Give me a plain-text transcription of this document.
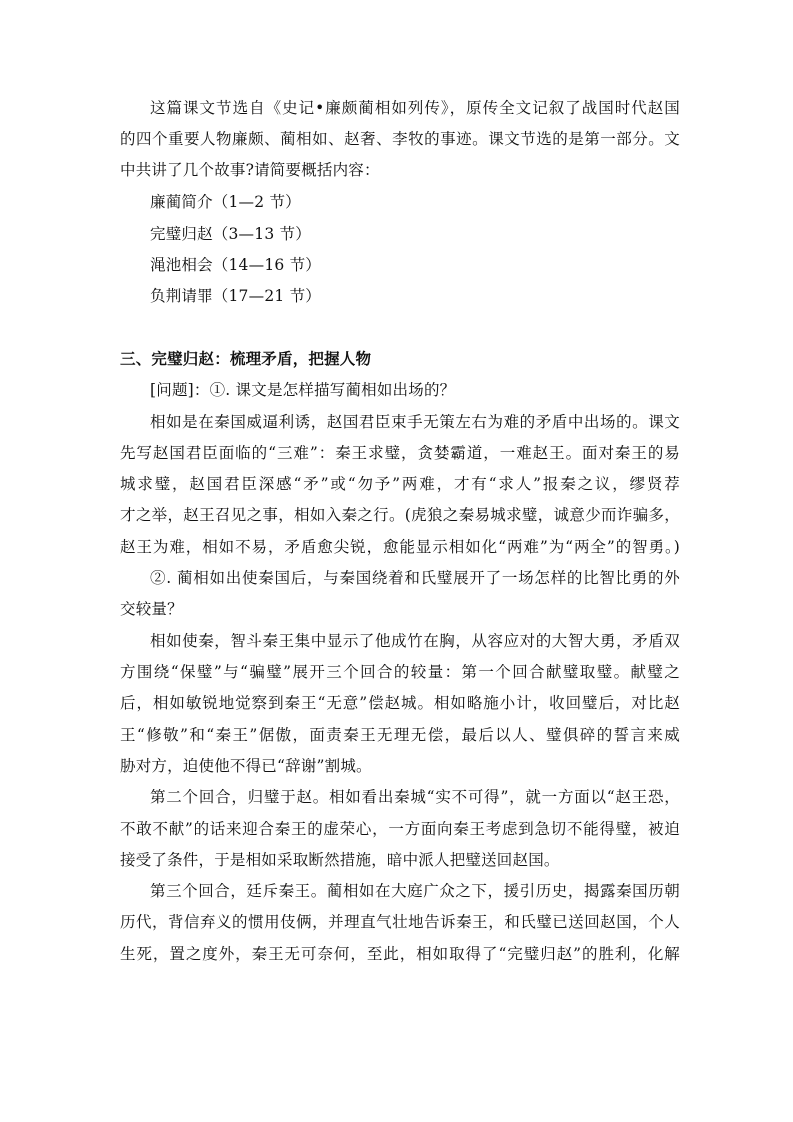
这篇课文节选自《史记•廉颇蔺相如列传》，原传全文记叙了战国时代赵国
的四个重要人物廉颇、蔺相如、赵奢、李牧的事迹。课文节选的是第一部分。文
中共讲了几个故事?请简要概括内容：
廉蔺简介（1—2 节）
完璧归赵（3—13 节）
渑池相会（14—16 节）
负荆请罪（17—21 节）
三、完璧归赵：梳理矛盾，把握人物
[问题]：①. 课文是怎样描写蔺相如出场的？
相如是在秦国威逼利诱，赵国君臣束手无策左右为难的矛盾中出场的。课文
先写赵国君臣面临的“三难”：秦王求璧，贪婪霸道，一难赵王。面对秦王的易
城求璧，赵国君臣深感“矛”或“勿予”两难，才有“求人”报秦之议，缪贤荐
才之举，赵王召见之事，相如入秦之行。(虎狼之秦易城求璧，诚意少而诈骗多，
赵王为难，相如不易，矛盾愈尖锐，愈能显示相如化“两难”为“两全”的智勇。)
②. 蔺相如出使秦国后，与秦国绕着和氏璧展开了一场怎样的比智比勇的外
交较量？
相如使秦，智斗秦王集中显示了他成竹在胸，从容应对的大智大勇，矛盾双
方围绕“保璧”与“骗璧”展开三个回合的较量：第一个回合献璧取璧。献璧之
后，相如敏锐地觉察到秦王“无意”偿赵城。相如略施小计，收回璧后，对比赵
王“修敬”和“秦王”倨傲，面责秦王无理无偿，最后以人、璧俱碎的誓言来威
胁对方，迫使他不得已“辞谢”割城。
第二个回合，归璧于赵。相如看出秦城“实不可得”，就一方面以“赵王恐，
不敢不献”的话来迎合秦王的虚荣心，一方面向秦王考虑到急切不能得璧，被迫
接受了条件，于是相如采取断然措施，暗中派人把璧送回赵国。
第三个回合，廷斥秦王。蔺相如在大庭广众之下，援引历史，揭露秦国历朝
历代，背信弃义的惯用伎俩，并理直气壮地告诉秦王，和氏璧已送回赵国，个人
生死，置之度外，秦王无可奈何，至此，相如取得了“完璧归赵”的胜利，化解
